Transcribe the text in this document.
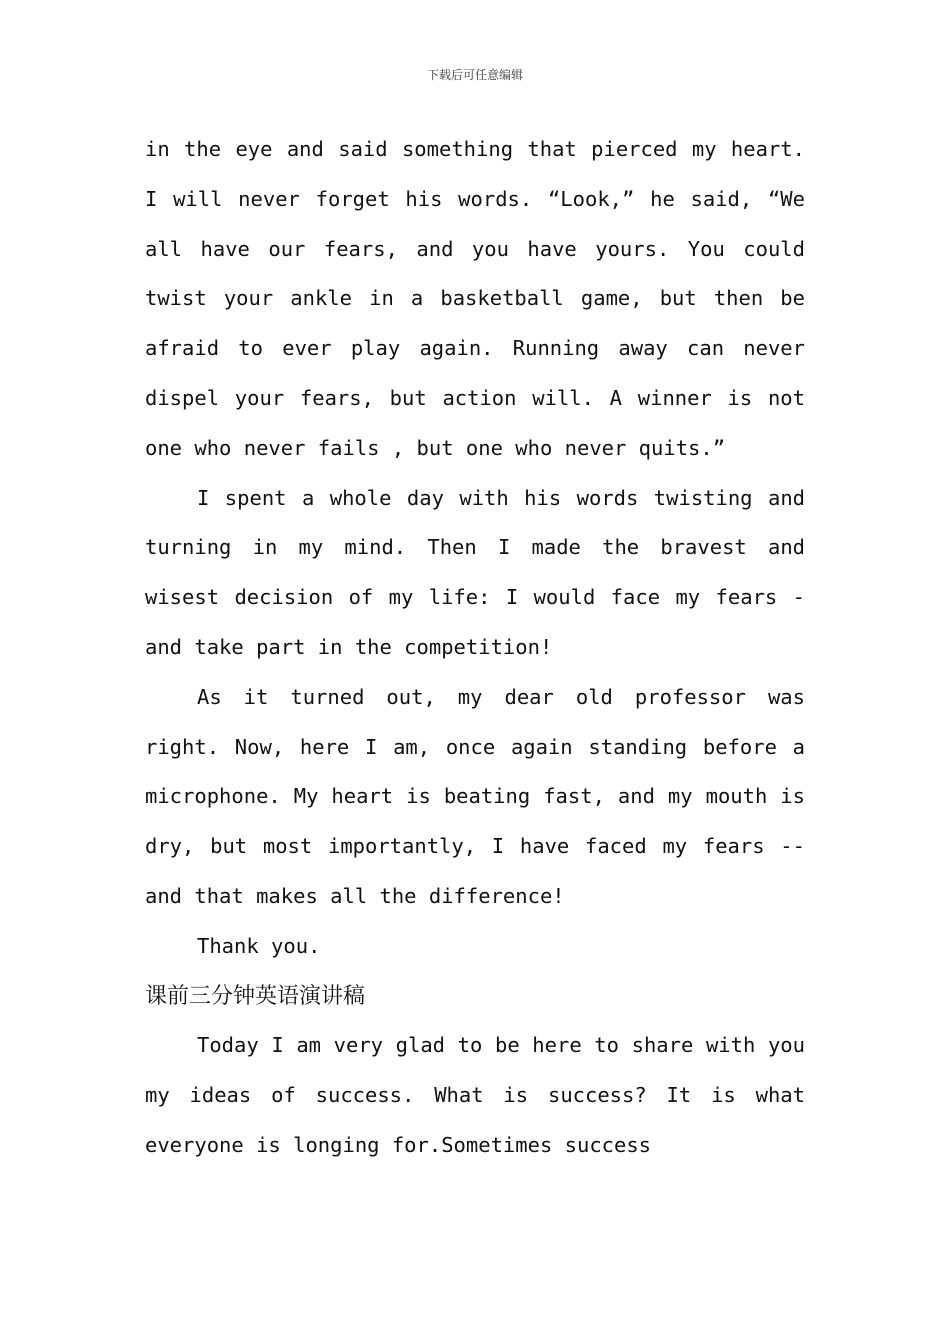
下载后可任意编辑

in the eye and said something that pierced my heart. I will never forget his words. “Look,” he said, “We all have our fears, and you have yours. You could twist your ankle in a basketball game, but then be afraid to ever play again. Running away can never dispel your fears, but action will. A winner is not one who never fails , but one who never quits.”

I spent a whole day with his words twisting and turning in my mind. Then I made the bravest and wisest decision of my life: I would face my fears - and take part in the competition!

As it turned out, my dear old professor was right. Now, here I am, once again standing before a microphone. My heart is beating fast, and my mouth is dry, but most importantly, I have faced my fears -- and that makes all the difference!

Thank you.

课前三分钟英语演讲稿

Today I am very glad to be here to share with you my ideas of success. What is success? It is what everyone is longing for.Sometimes success
